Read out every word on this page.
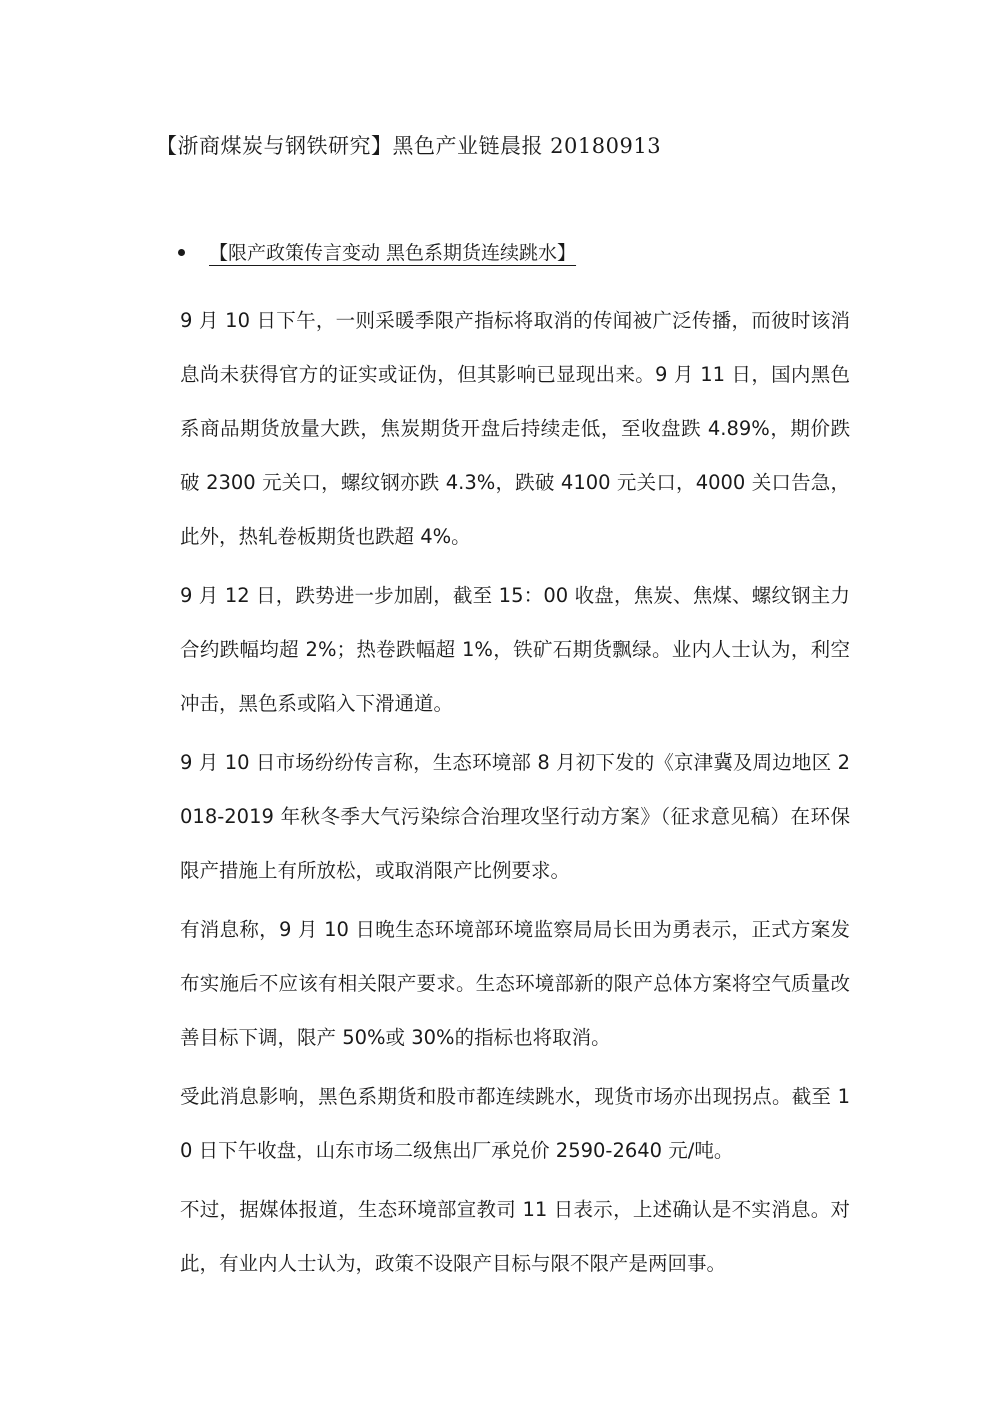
【浙商煤炭与钢铁研究】黑色产业链晨报 20180913
【限产政策传言变动 黑色系期货连续跳水】

9 月 10 日下午，一则采暖季限产指标将取消的传闻被广泛传播，而彼时该消息尚未获得官方的证实或证伪，但其影响已显现出来。9 月 11 日，国内黑色系商品期货放量大跌，焦炭期货开盘后持续走低，至收盘跌 4.89%，期价跌破 2300 元关口，螺纹钢亦跌 4.3%，跌破 4100 元关口，4000 关口告急，此外，热轧卷板期货也跌超 4%。

9 月 12 日，跌势进一步加剧，截至 15：00 收盘，焦炭、焦煤、螺纹钢主力合约跌幅均超 2%；热卷跌幅超 1%，铁矿石期货飘绿。业内人士认为，利空冲击，黑色系或陷入下滑通道。

9 月 10 日市场纷纷传言称，生态环境部 8 月初下发的《京津冀及周边地区 2018-2019 年秋冬季大气污染综合治理攻坚行动方案》（征求意见稿）在环保限产措施上有所放松，或取消限产比例要求。

有消息称，9 月 10 日晚生态环境部环境监察局局长田为勇表示，正式方案发布实施后不应该有相关限产要求。生态环境部新的限产总体方案将空气质量改善目标下调，限产 50%或 30%的指标也将取消。

受此消息影响，黑色系期货和股市都连续跳水，现货市场亦出现拐点。截至 10 日下午收盘，山东市场二级焦出厂承兑价 2590-2640 元/吨。

不过，据媒体报道，生态环境部宣教司 11 日表示，上述确认是不实消息。对此，有业内人士认为，政策不设限产目标与限不限产是两回事。
